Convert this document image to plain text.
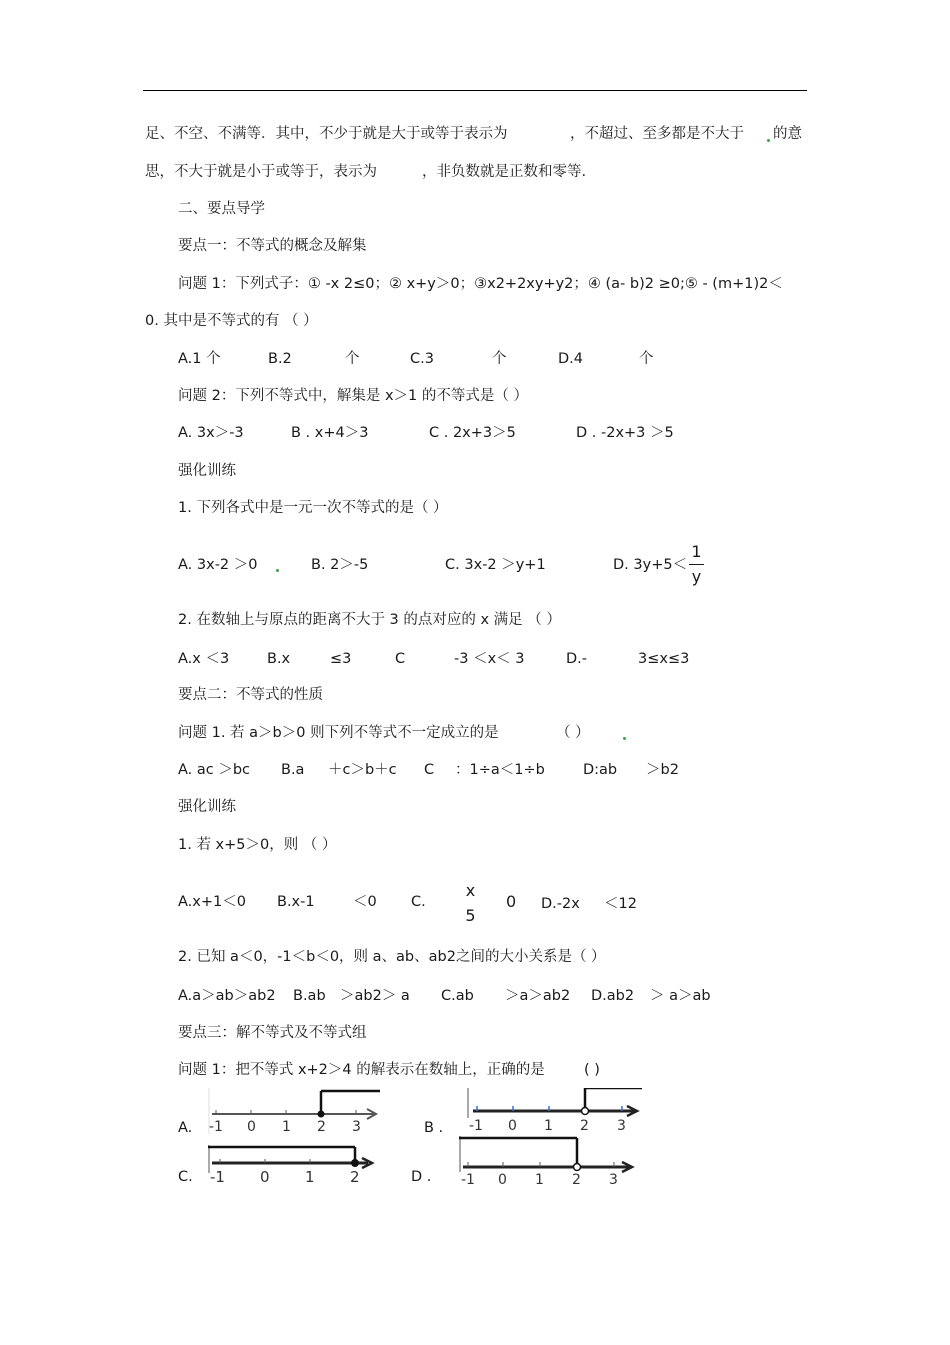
足、不空、不满等．其中，不少于就是大于或等于表示为	，不超过、至多都是不大于 的意
思，不大于就是小于或等于，表示为	，非负数就是正数和零等.
二、要点导学
要点一：不等式的概念及解集
问题 1：下列式子：① -x 2≤0；② x+y＞0；③x2+2xy+y2；④ (a- b)2 ≥0;⑤ - (m+1)2＜
0. 其中是不等式的有 （ ）
A.1 个	B.2	个	C.3	个	D.4	个
问题 2：下列不等式中，解集是 x＞1 的不等式是（ ）
A. 3x＞-3	B . x+4＞3	C . 2x+3＞5	D . -2x+3 ＞5
强化训练
1. 下列各式中是一元一次不等式的是（ ）
A. 3x-2 ＞0	B. 2＞-5	C. 3x-2 ＞y+1	D. 3y+5＜
1
y
2. 在数轴上与原点的距离不大于 3 的点对应的 x 满足 （ ）
A.x ＜3	B.x	≤3	C	-3 ＜x＜ 3	D.-	3≤x≤3
要点二：不等式的性质
问题 1. 若 a＞b＞0 则下列不等式不一定成立的是	（ ）
A. ac ＞bc B.a ＋c＞b＋c C ：1÷a＜1÷b	D:ab ＞b2
强化训练
1. 若 x+5＞0，则 （ ）
A.x+1＜0 B.x-1	＜0 C.
x
5
0 D.-2x ＜12
2. 已知 a＜0，-1＜b＜0，则 a、ab、ab2之间的大小关系是（ ）
A.a＞ab＞ab2 B.ab ＞ab2＞ a C.ab ＞a＞ab2 D.ab2 ＞ a＞ab
要点三：解不等式及不等式组
问题 1：把不等式 x+2＞4 的解表示在数轴上，正确的是	( )
A. -1 0 1 2 3	B . -1 0 1 2 3
C. -1 0 1 2	D . -1 0 1 2 3
